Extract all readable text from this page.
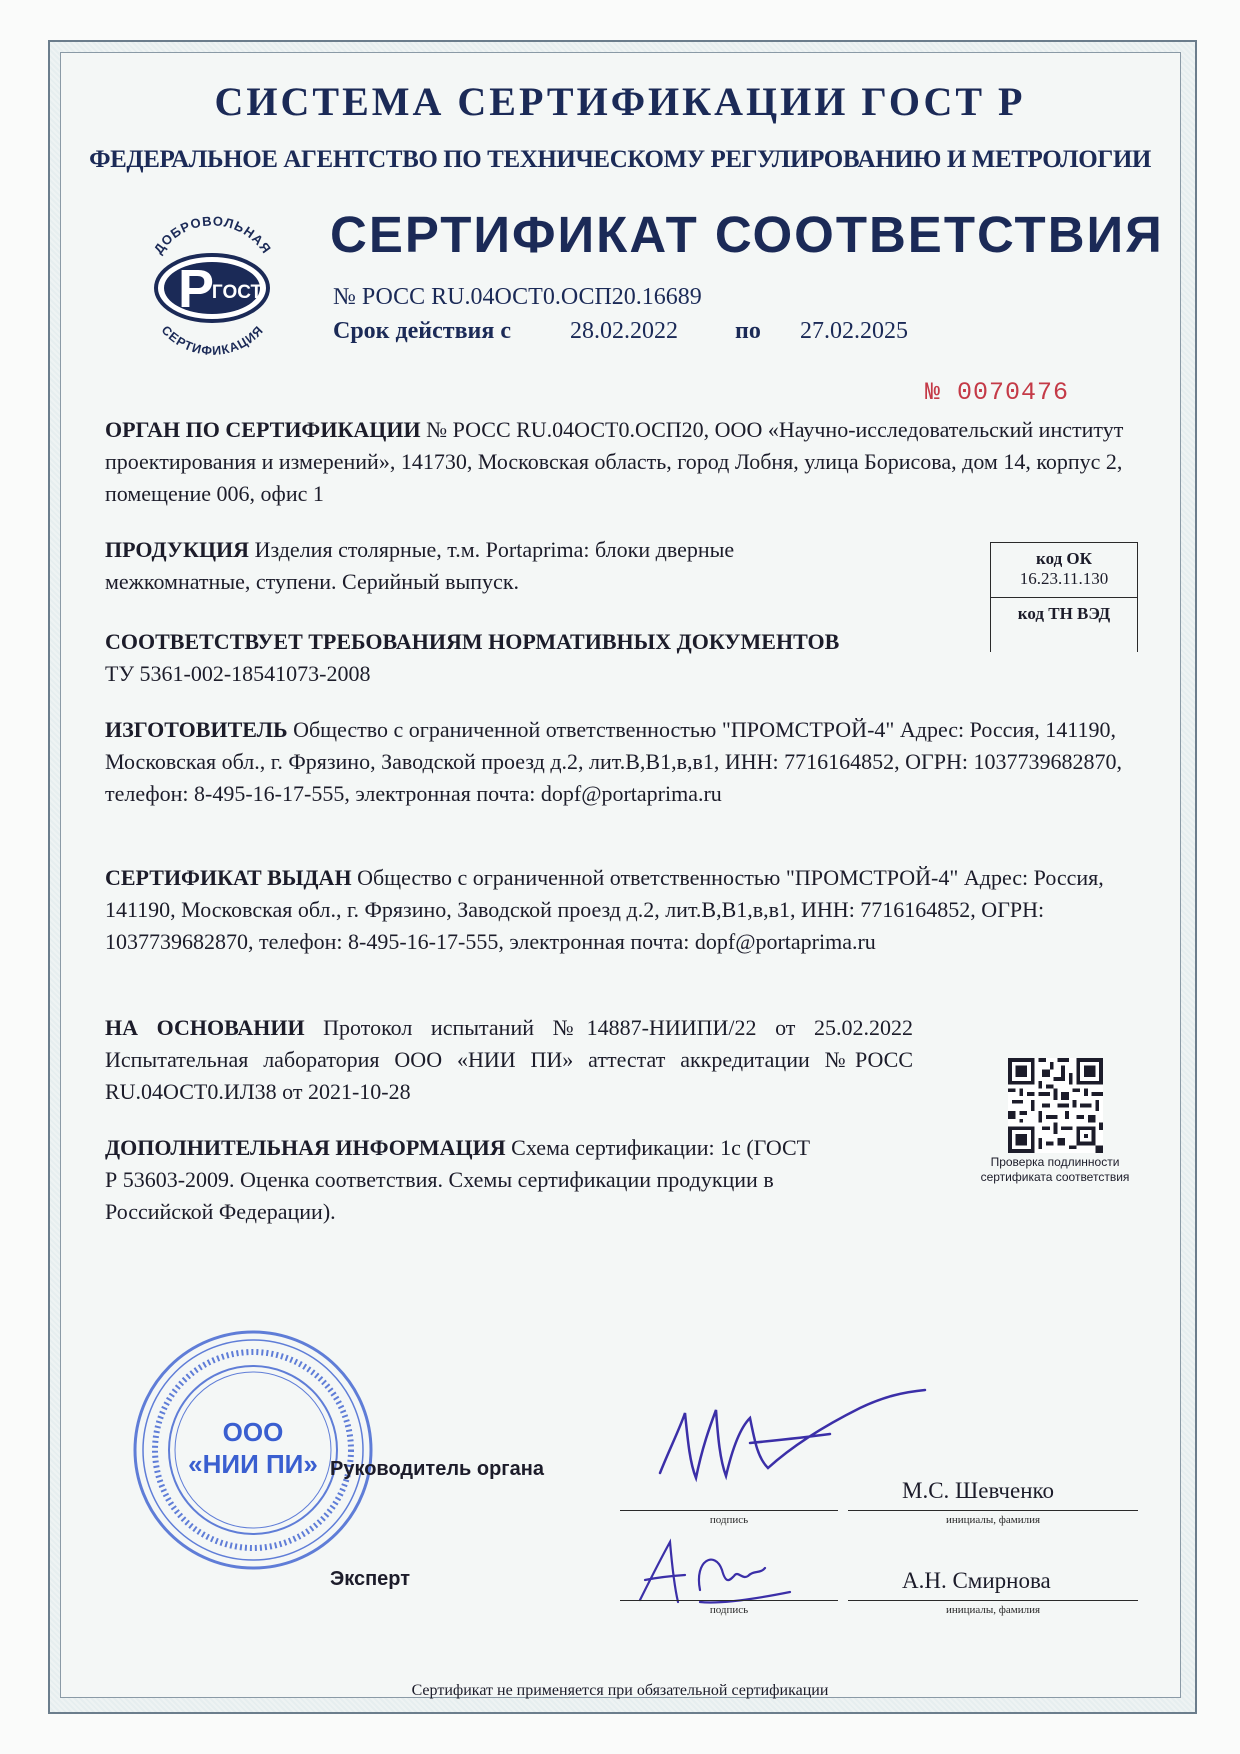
СИСТЕМА СЕРТИФИКАЦИИ ГОСТ Р
ФЕДЕРАЛЬНОЕ АГЕНТСТВО ПО ТЕХНИЧЕСКОМУ РЕГУЛИРОВАНИЮ И МЕТРОЛОГИИ
ДОБРОВОЛЬНАЯ
Р
ГОСТ
СЕРТИФИКАЦИЯ
СЕРТИФИКАТ СООТВЕТСТВИЯ
№ РОСС RU.04ОСТ0.ОСП20.16689
Срок действия с 28.02.2022 по 27.02.2025
№ 0070476
ОРГАН ПО СЕРТИФИКАЦИИ № РОСС RU.04ОСТ0.ОСП20, ООО «Научно-исследовательский институт проектирования и измерений», 141730, Московская область, город Лобня, улица Борисова, дом 14, корпус 2, помещение 006, офис 1
ПРОДУКЦИЯ Изделия столярные, т.м. Portaprima: блоки дверные межкомнатные, ступени. Серийный выпуск.
код ОК
16.23.11.130
код ТН ВЭД
СООТВЕТСТВУЕТ ТРЕБОВАНИЯМ НОРМАТИВНЫХ ДОКУМЕНТОВ
ТУ 5361-002-18541073-2008
ИЗГОТОВИТЕЛЬ Общество с ограниченной ответственностью "ПРОМСТРОЙ-4" Адрес: Россия, 141190, Московская обл., г. Фрязино, Заводской проезд д.2, лит.В,В1,в,в1, ИНН: 7716164852, ОГРН: 1037739682870, телефон: 8-495-16-17-555, электронная почта: dopf@portaprima.ru
СЕРТИФИКАТ ВЫДАН Общество с ограниченной ответственностью "ПРОМСТРОЙ-4" Адрес: Россия, 141190, Московская обл., г. Фрязино, Заводской проезд д.2, лит.В,В1,в,в1, ИНН: 7716164852, ОГРН: 1037739682870, телефон: 8-495-16-17-555, электронная почта: dopf@portaprima.ru
НА ОСНОВАНИИ Протокол испытаний №14887-НИИПИ/22 от 25.02.2022 Испытательная лаборатория ООО «НИИ ПИ» аттестат аккредитации №РОСС RU.04ОСТ0.ИЛ38 от 2021-10-28
ДОПОЛНИТЕЛЬНАЯ ИНФОРМАЦИЯ Схема сертификации: 1с (ГОСТ Р 53603-2009. Оценка соответствия. Схемы сертификации продукции в Российской Федерации).
Проверка подлинности сертификата соответствия
ООО
«НИИ ПИ» Руководитель органа
подпись
М.С. Шевченко
инициалы, фамилия
Эксперт
подпись
А.Н. Смирнова
инициалы, фамилия
Сертификат не применяется при обязательной сертификации
